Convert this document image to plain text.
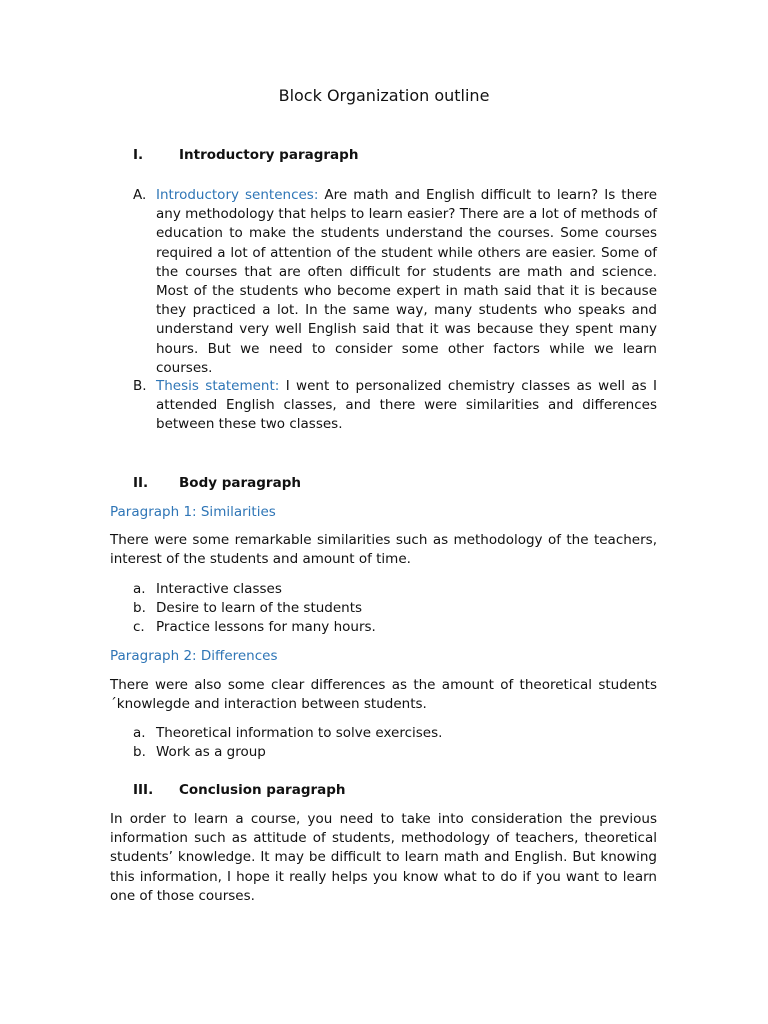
Block Organization outline
I.	Introductory paragraph
A. Introductory sentences: Are math and English difficult to learn? Is there any methodology that helps to learn easier? There are a lot of methods of education to make the students understand the courses. Some courses required a lot of attention of the student while others are easier. Some of the courses that are often difficult for students are math and science. Most of the students who become expert in math said that it is because they practiced a lot. In the same way, many students who speaks and understand very well English said that it was because they spent many hours. But we need to consider some other factors while we learn courses.
B. Thesis statement: I went to personalized chemistry classes as well as I attended English classes, and there were similarities and differences between these two classes.
II. Body paragraph
Paragraph 1: Similarities
There were some remarkable similarities such as methodology of the teachers, interest of the students and amount of time.
a. Interactive classes
b. Desire to learn of the students
c. Practice lessons for many hours.
Paragraph 2: Differences
There were also some clear differences as the amount of theoretical students ´knowlegde and interaction between students.
a. Theoretical information to solve exercises.
b. Work as a group
III. Conclusion paragraph
In order to learn a course, you need to take into consideration the previous information such as attitude of students, methodology of teachers, theoretical students’ knowledge. It may be difficult to learn math and English. But knowing this information, I hope it really helps you know what to do if you want to learn one of those courses.
